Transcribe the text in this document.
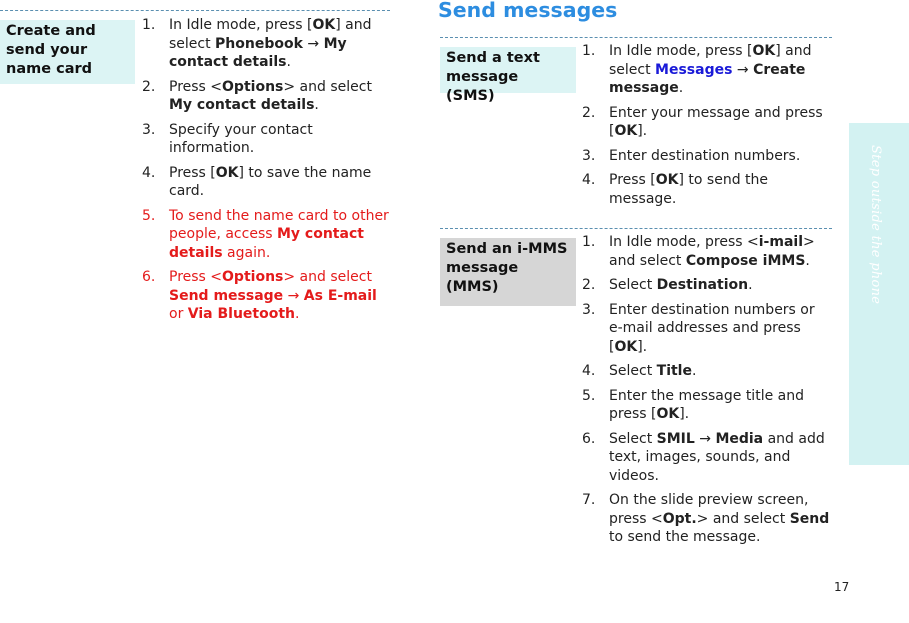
Create and send your name card
1. In Idle mode, press [OK] and select Phonebook → My contact details.
2. Press <Options> and select My contact details.
3. Specify your contact information.
4. Press [OK] to save the name card.
5. To send the name card to other people, access My contact details again.
6. Press <Options> and select Send message → As E-mail or Via Bluetooth.
Send messages
Send a text message (SMS)
1. In Idle mode, press [OK] and select Messages → Create message.
2. Enter your message and press [OK].
3. Enter destination numbers.
4. Press [OK] to send the message.
Send an i-MMS message (MMS)
1. In Idle mode, press <i-mail> and select Compose iMMS.
2. Select Destination.
3. Enter destination numbers or e-mail addresses and press [OK].
4. Select Title.
5. Enter the message title and press [OK].
6. Select SMIL → Media and add text, images, sounds, and videos.
7. On the slide preview screen, press <Opt.> and select Send to send the message.
Step outside the phone
17
